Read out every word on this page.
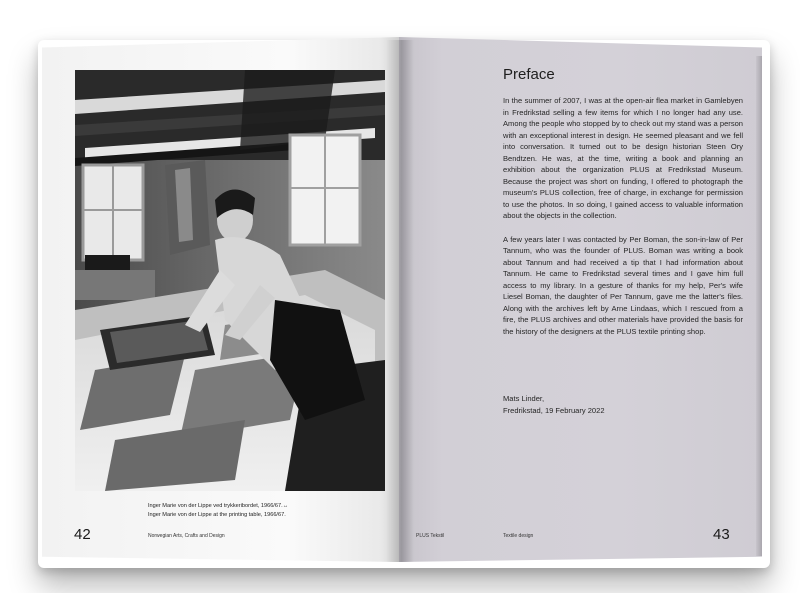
Inger Marie von der Lippe ved trykkeribordet, 1966/67.↔
Inger Marie von der Lippe at the printing table, 1966/67.
42	Norwegian Arts, Crafts and Design
Preface

In the summer of 2007, I was at the open-air flea market in Gamlebyen in Fredrikstad selling a few items for which I no longer had any use. Among the people who stopped by to check out my stand was a person with an exceptional interest in design. He seemed pleasant and we fell into conversation. It turned out to be design historian Steen Ory Bendtzen. He was, at the time, writing a book and planning an exhibition about the organization PLUS at Fredrikstad Museum. Because the project was short on funding, I offered to photograph the museum's PLUS collection, free of charge, in exchange for permission to use the photos. In so doing, I gained access to valuable information about the objects in the collection.

A few years later I was contacted by Per Boman, the son-in-law of Per Tannum, who was the founder of PLUS. Boman was writing a book about Tannum and had received a tip that I had information about Tannum. He came to Fredrikstad several times and I gave him full access to my library. In a gesture of thanks for my help, Per's wife Liesel Boman, the daughter of Per Tannum, gave me the latter's files. Along with the archives left by Arne Lindaas, which I rescued from a fire, the PLUS archives and other materials have provided the basis for the history of the designers at the PLUS textile printing shop.

Mats Linder,
Fredrikstad, 19 February 2022
PLUS Tekstil	Textile design	43
